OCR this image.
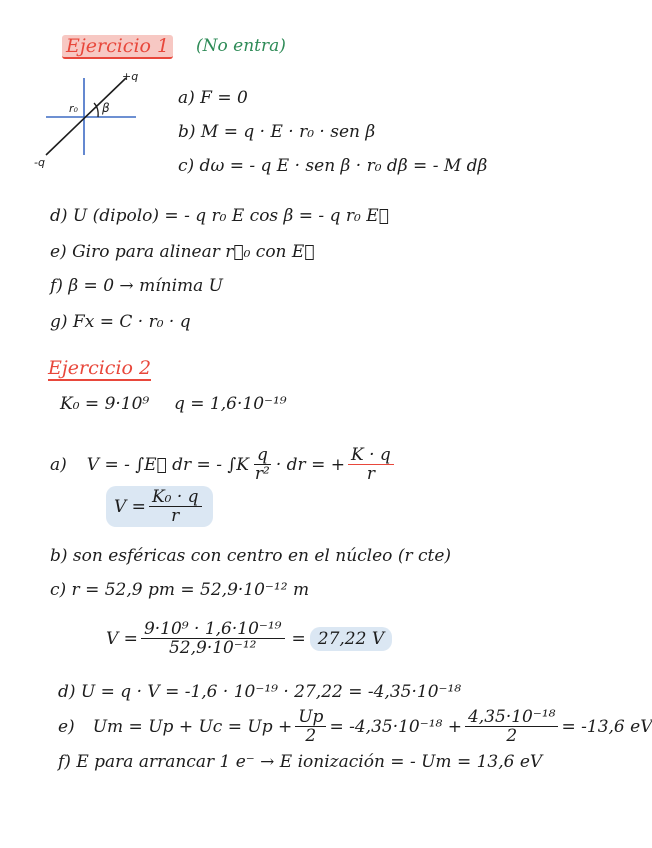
Ejercicio 1 (No entra)
+q
-q
r₀ β	a) F = 0
b) M = q · E · r₀ · sen β
c) dω = - q E · sen β · r₀ dβ = - M dβ
d) U (dipolo) = - q r₀ E cos β = - q r₀ E⃗
e) Giro para alinear r⃗₀ con E⃗
f) β = 0 → mínima U
g) Fx = C · r₀ · q
Ejercicio 2
K₀ = 9·10⁹ q = 1,6·10⁻¹⁹
a) V = - ∫E⃗ dr = - $\int K \frac{q}{\text{r²}}$ · dr = + $\frac{K \cdot q}{r}$
$V = \frac{\text{K₀ · q}}{r}$
b) son esféricas con centro en el núcleo (r cte)
c) r = 52,9 pm = 52,9·10⁻¹² m
$V = \frac{\text{9·10⁹ · 1,6·10⁻¹⁹}}{\text{52,9·10⁻¹²}} = 27,22$ V
d) U = q · V = -1,6 · 10⁻¹⁹ · 27,22 = -4,35·10⁻¹⁸
e) $Um = Up + Uc = Up + \frac{Up}{2} = -4,35\cdot 10^{-18} + \frac{\text{4,35·10⁻¹⁸}}{2} = -13,6$ eV
f) E para arrancar 1 e⁻ → E ionización = - Um = 13,6 eV
